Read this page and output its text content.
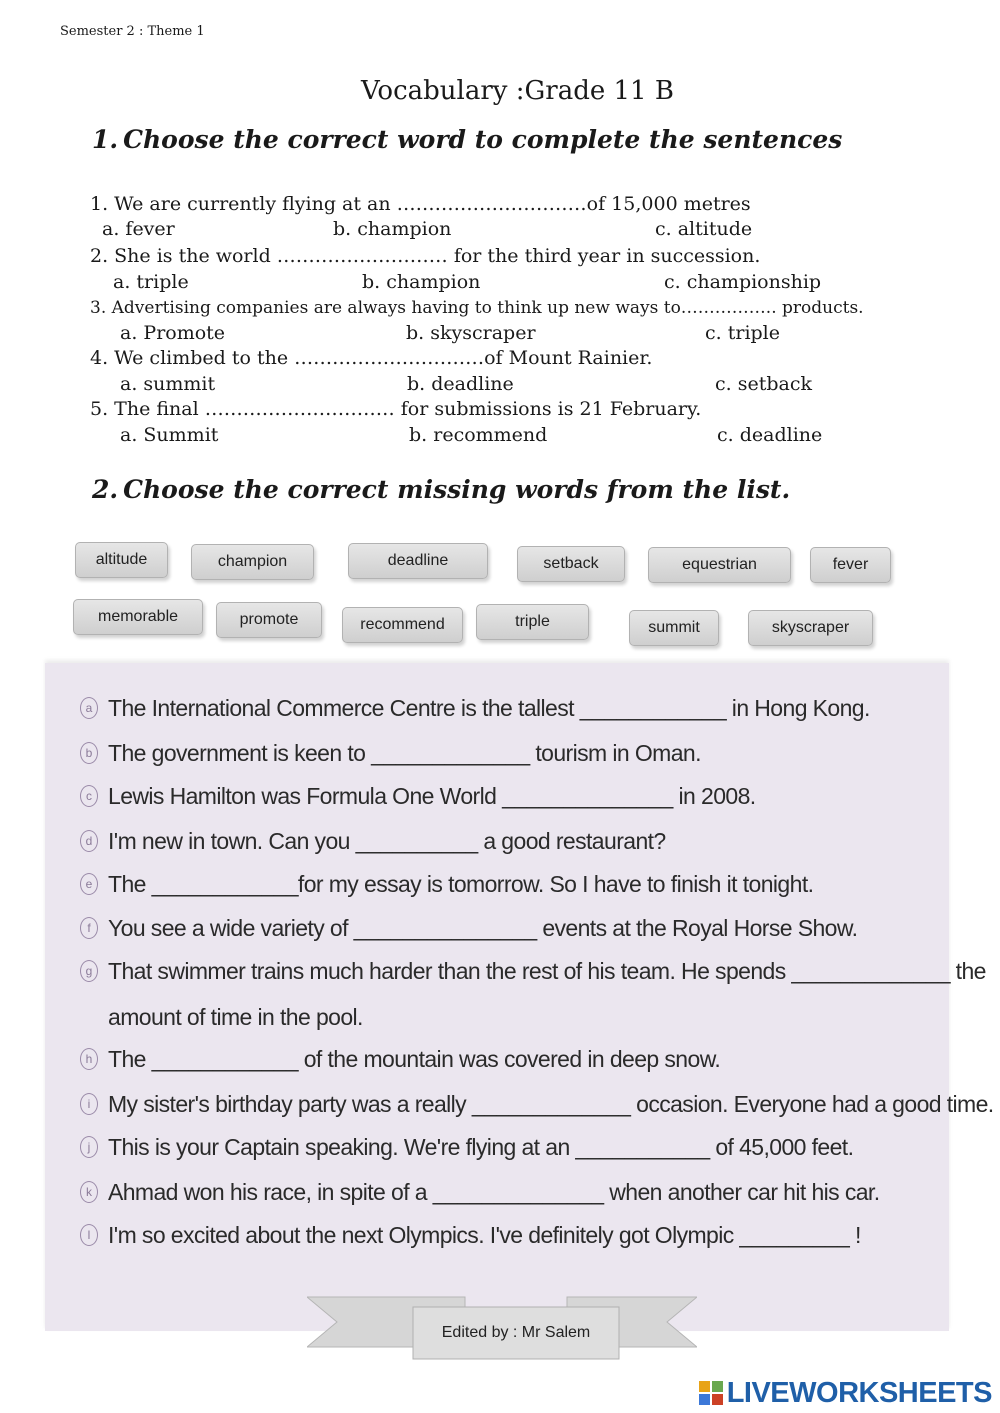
Semester 2 : Theme 1
Vocabulary :Grade 11 B
1. Choose the correct word to complete the sentences
1. We are currently flying at an …………………………of 15,000 metres
a. fever	b. champion	c. altitude
2. She is the world ……………………… for the third year in succession.
a. triple	b. champion	c. championship
3. Advertising companies are always having to think up new ways to…………….. products.
a. Promote	b. skyscraper	c. triple
4. We climbed to the …………………………of Mount Rainier.
a. summit	b. deadline	c. setback
5. The final ………………………… for submissions is 21 February.
a. Summit	b. recommend	c. deadline
2. Choose the correct missing words from the list.
altitude	champion	deadline	setback	equestrian	fever
memorable	promote	recommend	triple	summit	skyscraper
a The International Commerce Centre is the tallest ____________ in Hong Kong.
b The government is keen to _____________ tourism in Oman.
c Lewis Hamilton was Formula One World ______________ in 2008.
d I'm new in town. Can you __________ a good restaurant?
e The ____________for my essay is tomorrow. So I have to finish it tonight.
f You see a wide variety of _______________ events at the Royal Horse Show.
g That swimmer trains much harder than the rest of his team. He spends _____________ the
amount of time in the pool.
h The ____________ of the mountain was covered in deep snow.
i My sister's birthday party was a really _____________ occasion. Everyone had a good time.
j This is your Captain speaking. We're flying at an ___________ of 45,000 feet.
k Ahmad won his race, in spite of a ______________ when another car hit his car.
l I'm so excited about the next Olympics. I've definitely got Olympic _________ !
Edited by : Mr Salem
LIVEWORKSHEETS
